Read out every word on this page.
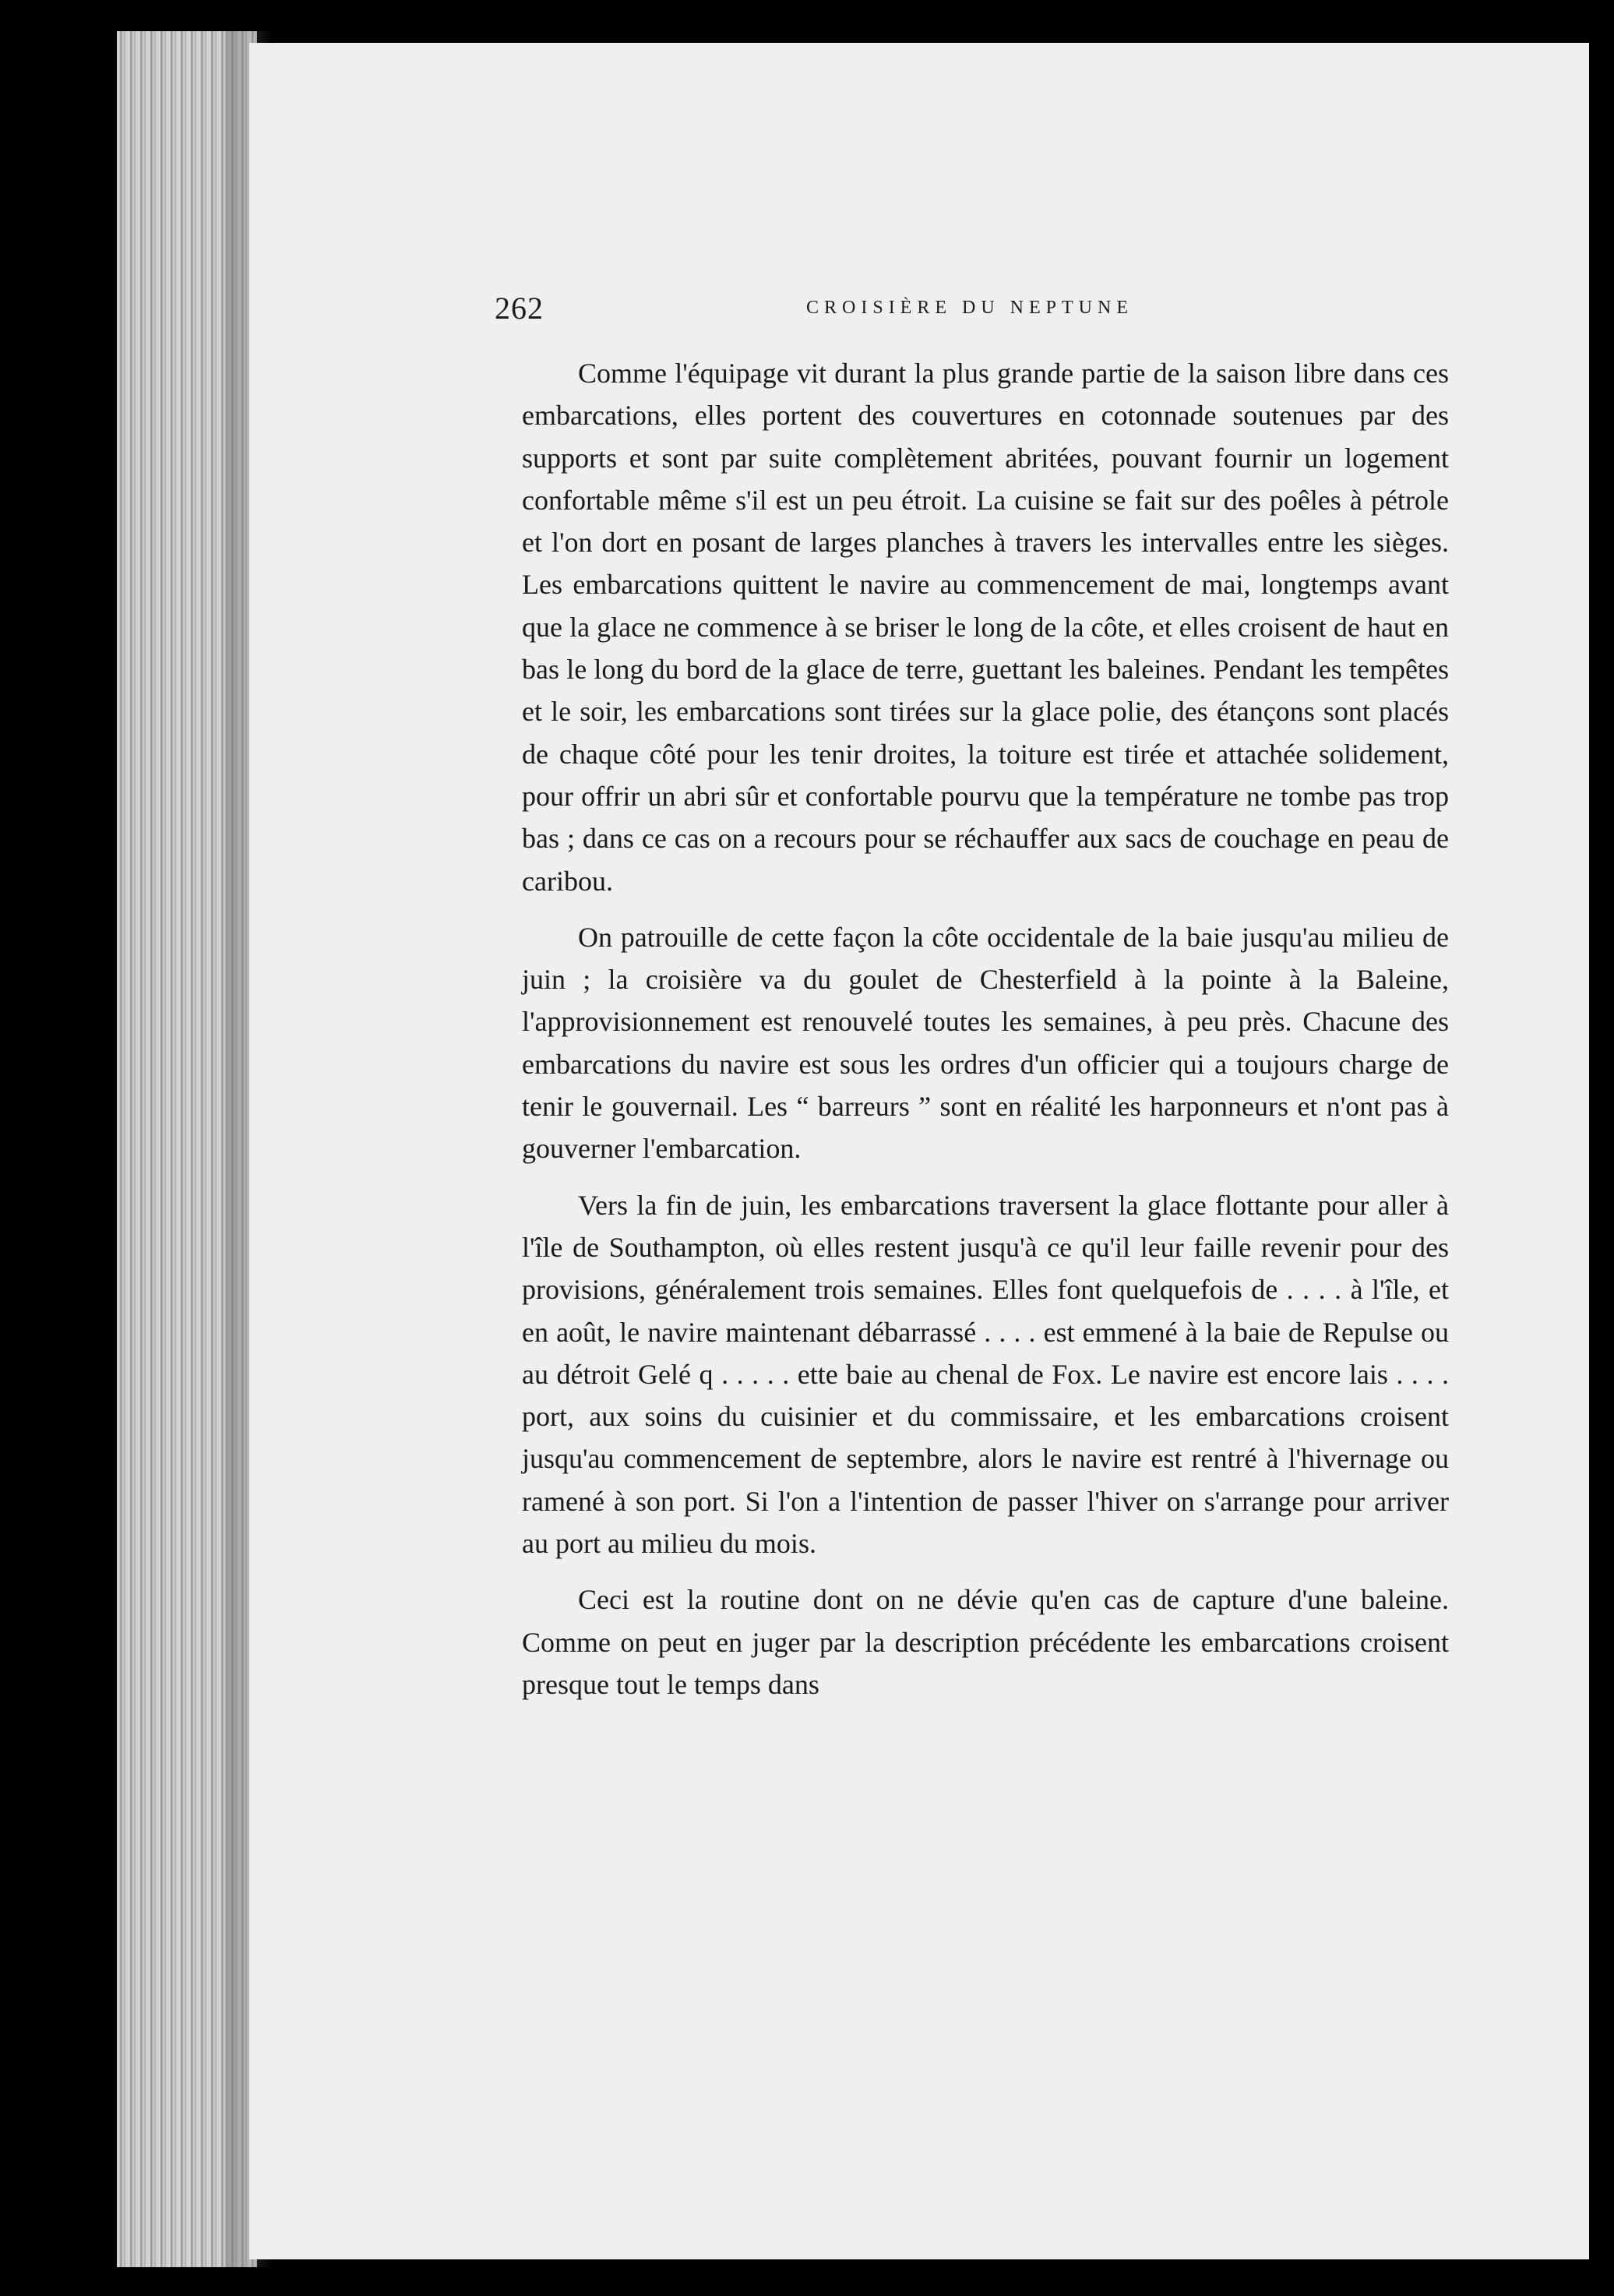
262	CROISIÈRE DU NEPTUNE

Comme l'équipage vit durant la plus grande partie de la saison libre dans ces embarcations, elles portent des couvertures en cotonnade soutenues par des supports et sont par suite complètement abritées, pouvant fournir un logement confortable même s'il est un peu étroit. La cuisine se fait sur des poêles à pétrole et l'on dort en posant de larges planches à travers les intervalles entre les sièges. Les embarcations quittent le navire au commencement de mai, longtemps avant que la glace ne commence à se briser le long de la côte, et elles croisent de haut en bas le long du bord de la glace de terre, guettant les baleines. Pendant les tempêtes et le soir, les embarcations sont tirées sur la glace polie, des étançons sont placés de chaque côté pour les tenir droites, la toiture est tirée et attachée solidement, pour offrir un abri sûr et confortable pourvu que la température ne tombe pas trop bas ; dans ce cas on a recours pour se réchauffer aux sacs de couchage en peau de caribou.

On patrouille de cette façon la côte occidentale de la baie jusqu'au milieu de juin ; la croisière va du goulet de Chesterfield à la pointe à la Baleine, l'approvisionnement est renouvelé toutes les semaines, à peu près. Chacune des embarcations du navire est sous les ordres d'un officier qui a toujours charge de tenir le gouvernail. Les “ barreurs ” sont en réalité les harponneurs et n'ont pas à gouverner l'embarcation.

Vers la fin de juin, les embarcations traversent la glace flottante pour aller à l'île de Southampton, où elles restent jusqu'à ce qu'il leur faille revenir pour des provisions, généralement trois semaines. Elles font quelquefois de . . . . à l'île, et en août, le navire maintenant débarrassé . . . . est emmené à la baie de Repulse ou au détroit Gelé q . . . . . ette baie au chenal de Fox. Le navire est encore lais . . . . port, aux soins du cuisinier et du commissaire, et les embarcations croisent jusqu'au commencement de septembre, alors le navire est rentré à l'hivernage ou ramené à son port. Si l'on a l'intention de passer l'hiver on s'arrange pour arriver au port au milieu du mois.

Ceci est la routine dont on ne dévie qu'en cas de capture d'une baleine. Comme on peut en juger par la description précédente les embarcations croisent presque tout le temps dans
